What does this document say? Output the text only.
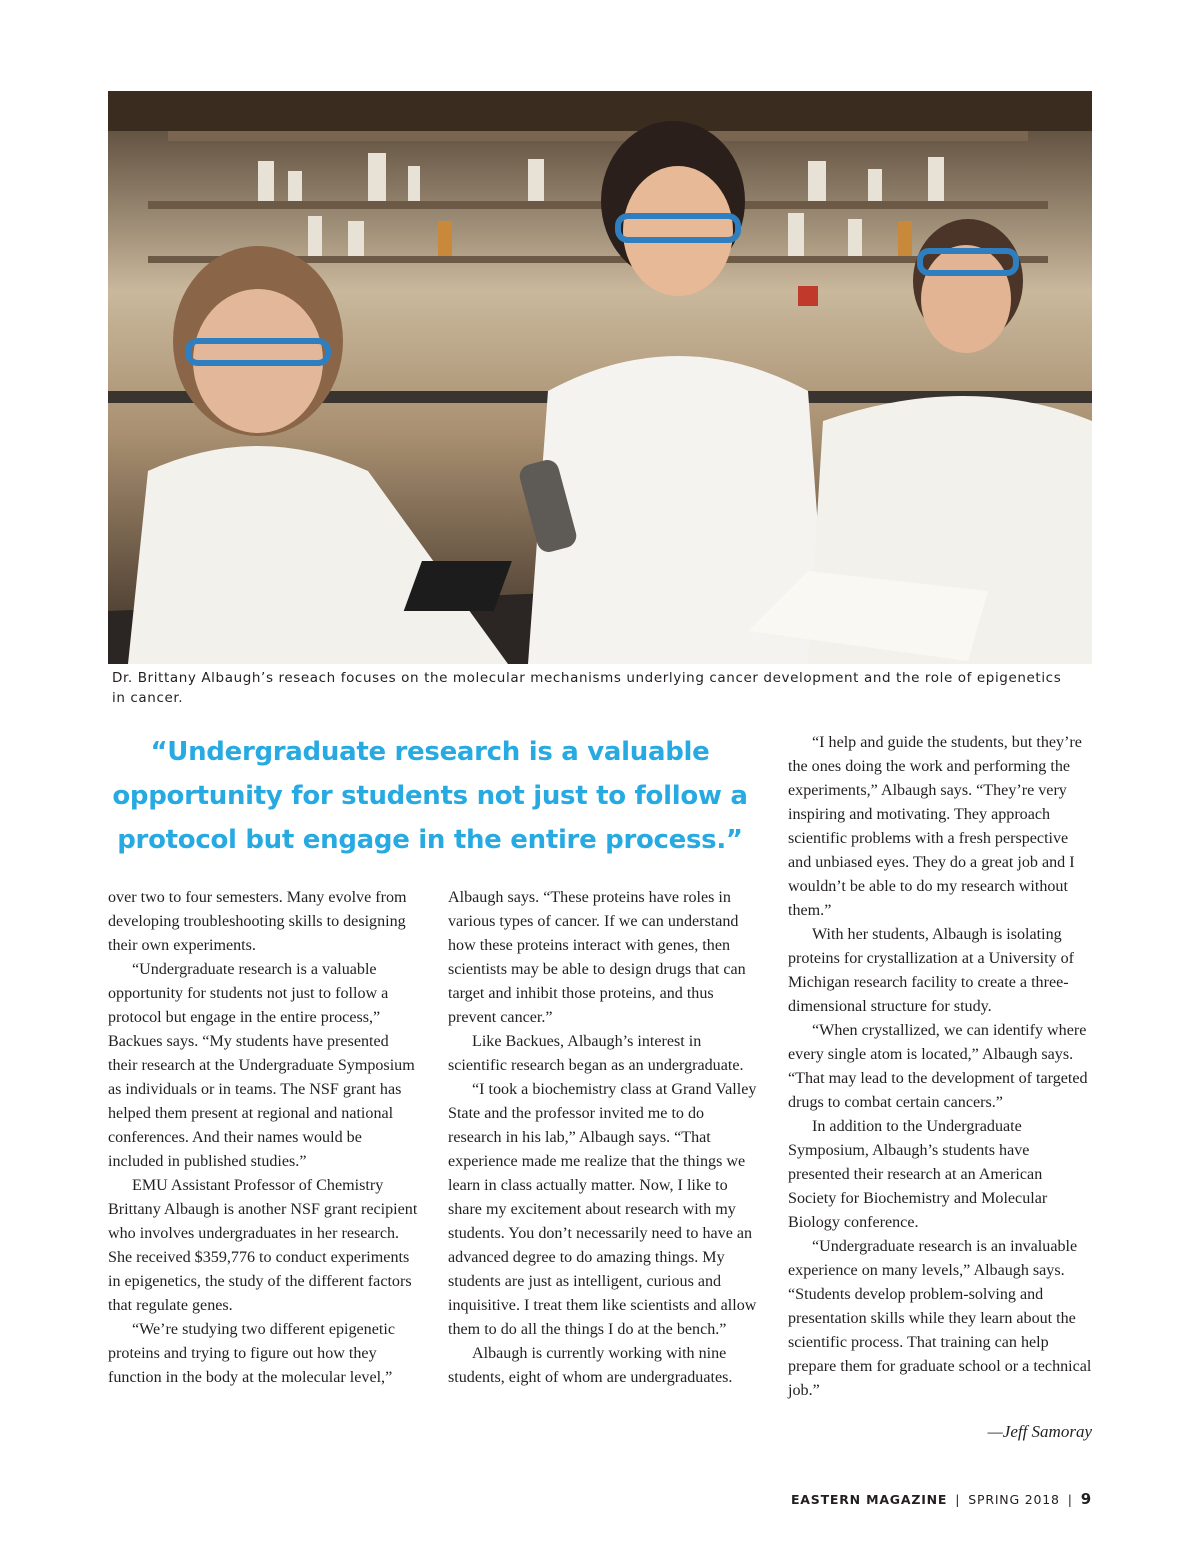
Dr. Brittany Albaugh’s reseach focuses on the molecular mechanisms underlying cancer development and the role of epigenetics in cancer.
“Undergraduate research is a valuable opportunity for students not just to follow a protocol but engage in the entire process.”

over two to four semesters. Many evolve from developing troubleshooting skills to designing their own experiments.

“Undergraduate research is a valuable opportunity for students not just to follow a protocol but engage in the entire process,” Backues says. “My students have presented their research at the Undergraduate Symposium as individuals or in teams. The NSF grant has helped them present at regional and national conferences. And their names would be included in published studies.”

EMU Assistant Professor of Chemistry Brittany Albaugh is another NSF grant recipient who involves undergraduates in her research. She received $359,776 to conduct experiments in epigenetics, the study of the different factors that regulate genes.

“We’re studying two different epigenetic proteins and trying to figure out how they function in the body at the molecular level,”

Albaugh says. “These proteins have roles in various types of cancer. If we can understand how these proteins interact with genes, then scientists may be able to design drugs that can target and inhibit those proteins, and thus prevent cancer.”

Like Backues, Albaugh’s interest in scientific research began as an undergraduate.

“I took a biochemistry class at Grand Valley State and the professor invited me to do research in his lab,” Albaugh says. “That experience made me realize that the things we learn in class actually matter. Now, I like to share my excitement about research with my students. You don’t necessarily need to have an advanced degree to do amazing things. My students are just as intelligent, curious and inquisitive. I treat them like scientists and allow them to do all the things I do at the bench.”

Albaugh is currently working with nine students, eight of whom are undergraduates.

“I help and guide the students, but they’re the ones doing the work and performing the experiments,” Albaugh says. “They’re very inspiring and motivating. They approach scientific problems with a fresh perspective and unbiased eyes. They do a great job and I wouldn’t be able to do my research without them.”

With her students, Albaugh is isolating proteins for crystallization at a University of Michigan research facility to create a three-dimensional structure for study.

“When crystallized, we can identify where every single atom is located,” Albaugh says. “That may lead to the development of targeted drugs to combat certain cancers.”

In addition to the Undergraduate Symposium, Albaugh’s students have presented their research at an American Society for Biochemistry and Molecular Biology conference.

“Undergraduate research is an invaluable experience on many levels,” Albaugh says. “Students develop problem-solving and presentation skills while they learn about the scientific process. That training can help prepare them for graduate school or a technical job.”

—Jeff Samoray
EASTERN MAGAZINE | SPRING 2018 | 9
